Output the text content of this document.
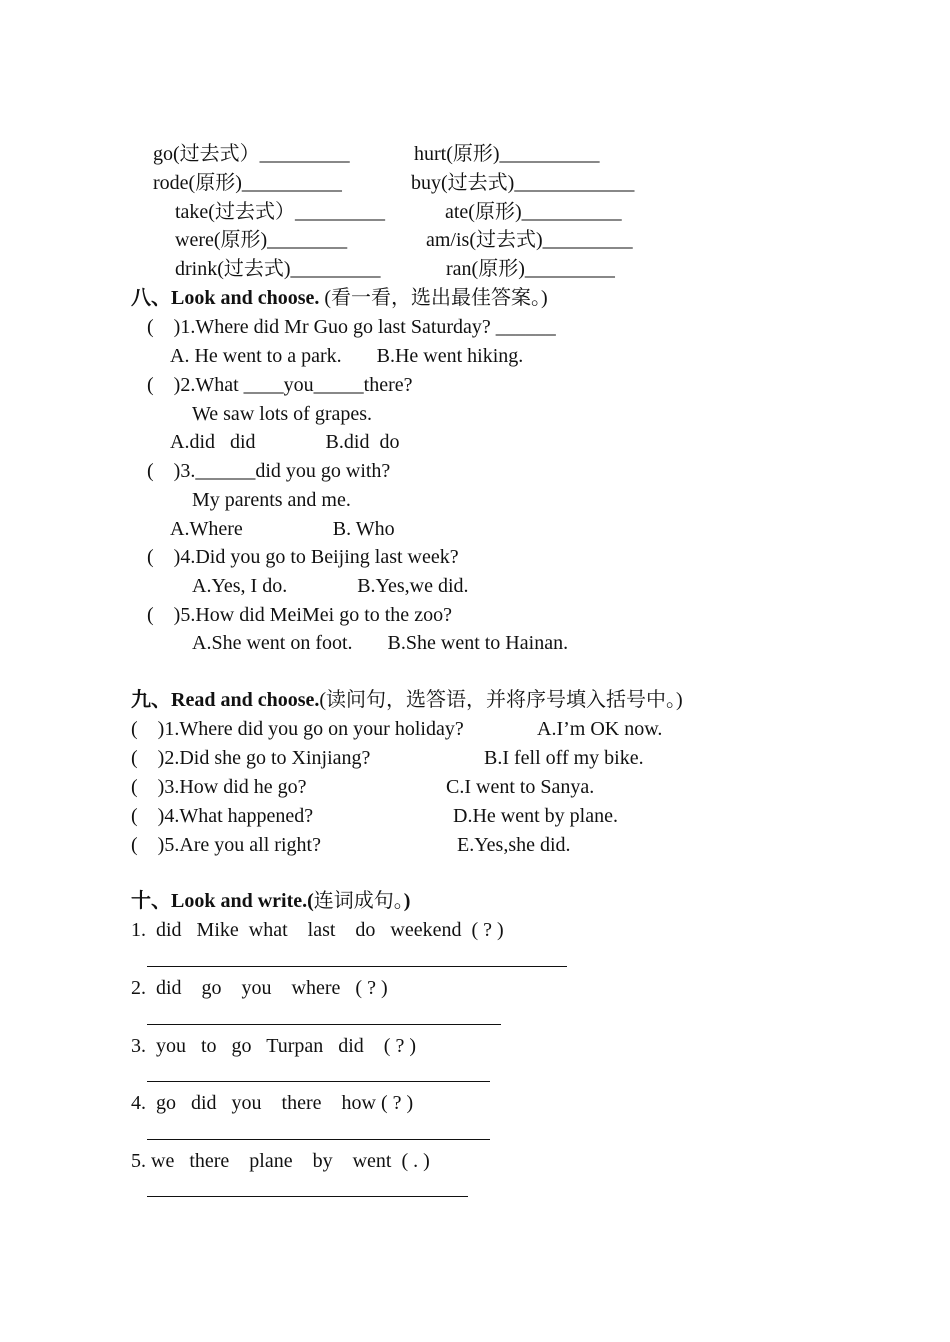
go(过去式）_________	hurt(原形)__________
rode(原形)__________	buy(过去式)____________
take(过去式）_________	ate(原形)__________
were(原形)________	am/is(过去式)_________
drink(过去式)_________	ran(原形)_________
八、Look and choose. (看一看，选出最佳答案。)
(    )1.Where did Mr Guo go last Saturday? ______
A. He went to a park.       B.He went hiking.
(    )2.What ____you_____there?
We saw lots of grapes.
A.did   did              B.did  do
(    )3.______did you go with?
My parents and me.
A.Where                  B. Who
(    )4.Did you go to Beijing last week?
A.Yes, I do.              B.Yes,we did.
(    )5.How did MeiMei go to the zoo?
A.She went on foot.       B.She went to Hainan.
九、Read and choose.(读问句，选答语，并将序号填入括号中。)
(    )1.Where did you go on your holiday?	A.I’m OK now.
(    )2.Did she go to Xinjiang?	B.I fell off my bike.
(    )3.How did he go?	C.I went to Sanya.
(    )4.What happened?	D.He went by plane.
(    )5.Are you all right?	E.Yes,she did.
十、Look and write.(连词成句。)
1.  did   Mike  what    last    do   weekend  ( ? )
2.  did    go    you    where   ( ? )
3.  you   to   go   Turpan   did    ( ? )
4.  go   did   you    there    how ( ? )
5. we   there    plane    by    went  ( . )
